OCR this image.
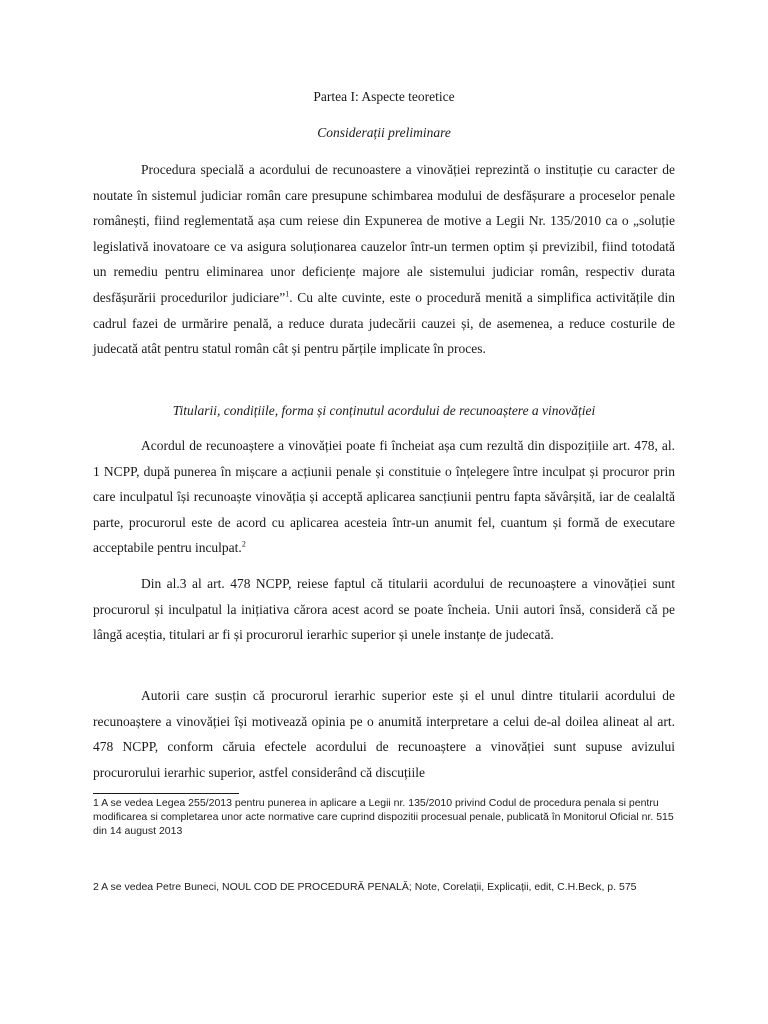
Partea I: Aspecte teoretice

Considerații preliminare

Procedura specială a acordului de recunoastere a vinovăției reprezintă o instituție cu caracter de noutate în sistemul judiciar român care presupune schimbarea modului de desfășurare a proceselor penale românești, fiind reglementată așa cum reiese din Expunerea de motive a Legii Nr. 135/2010 ca o „soluție legislativă inovatoare ce va asigura soluționarea cauzelor într-un termen optim și previzibil, fiind totodată un remediu pentru eliminarea unor deficiențe majore ale sistemului judiciar român, respectiv durata desfășurării procedurilor judiciare”$^1$. Cu alte cuvinte, este o procedură menită a simplifica activitățile din cadrul fazei de urmărire penală, a reduce durata judecării cauzei și, de asemenea, a reduce costurile de judecată atât pentru statul român cât și pentru părțile implicate în proces.

Titularii, condițiile, forma și conținutul acordului de recunoaștere a vinovăției

Acordul de recunoaștere a vinovăției poate fi încheiat așa cum rezultă din dispozițiile art. 478, al. 1 NCPP, după punerea în mișcare a acțiunii penale și constituie o înțelegere între inculpat și procuror prin care inculpatul își recunoaște vinovăția și acceptă aplicarea sancțiunii pentru fapta săvârșită, iar de cealaltă parte, procurorul este de acord cu aplicarea acesteia într-un anumit fel, cuantum și formă de executare acceptabile pentru inculpat.$^2$

Din al.3 al art. 478 NCPP, reiese faptul că titularii acordului de recunoaștere a vinovăției sunt procurorul și inculpatul la inițiativa cărora acest acord se poate încheia. Unii autori însă, consideră că pe lângă aceștia, titulari ar fi și procurorul ierarhic superior și unele instanțe de judecată.

Autorii care susțin că procurorul ierarhic superior este și el unul dintre titularii acordului de recunoaștere a vinovăției își motivează opinia pe o anumită interpretare a celui de-al doilea alineat al art. 478 NCPP, conform căruia efectele acordului de recunoaștere a vinovăției sunt supuse avizului procurorului ierarhic superior, astfel considerând că discuțiile

1 A se vedea Legea 255/2013 pentru punerea in aplicare a Legii nr. 135/2010 privind Codul de procedura penala si pentru modificarea si completarea unor acte normative care cuprind dispozitii procesual penale, publicată în Monitorul Oficial nr. 515 din 14 august 2013

2 A se vedea Petre Buneci, NOUL COD DE PROCEDURĂ PENALĂ; Note, Corelații, Explicații, edit, C.H.Beck, p. 575
